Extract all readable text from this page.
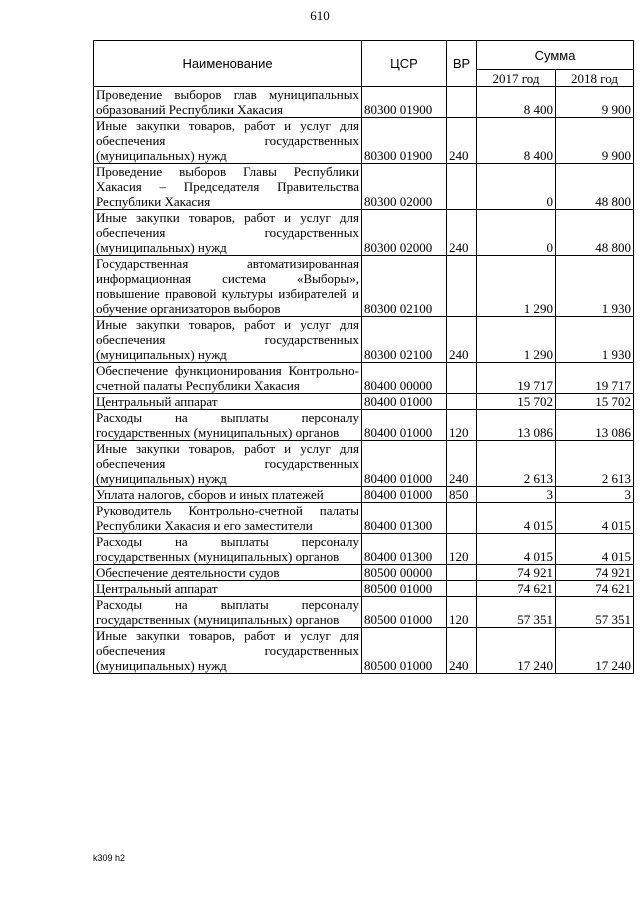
610
Наименование	ЦСР	ВР	Сумма	
			2017 год	2018 год
Проведение выборов глав муниципальных образований Республики Хакасия	80300 01900		8 400	9 900
Иные закупки товаров, работ и услуг для обеспечения государственных (муниципальных) нужд	80300 01900	240	8 400	9 900
Проведение выборов Главы Республики Хакасия – Председателя Правительства Республики Хакасия	80300 02000		0	48 800
Иные закупки товаров, работ и услуг для обеспечения государственных (муниципальных) нужд	80300 02000	240	0	48 800
Государственная автоматизированная информационная система «Выборы», повышение правовой культуры избирателей и обучение организаторов выборов	80300 02100		1 290	1 930
Иные закупки товаров, работ и услуг для обеспечения государственных (муниципальных) нужд	80300 02100	240	1 290	1 930
Обеспечение функционирования Контрольно-счетной палаты Республики Хакасия	80400 00000		19 717	19 717
Центральный аппарат	80400 01000		15 702	15 702
Расходы на выплаты персоналу государственных (муниципальных) органов	80400 01000	120	13 086	13 086
Иные закупки товаров, работ и услуг для обеспечения государственных (муниципальных) нужд	80400 01000	240	2 613	2 613
Уплата налогов, сборов и иных платежей	80400 01000	850	3	3
Руководитель Контрольно-счетной палаты Республики Хакасия и его заместители	80400 01300		4 015	4 015
Расходы на выплаты персоналу государственных (муниципальных) органов	80400 01300	120	4 015	4 015
Обеспечение деятельности судов	80500 00000		74 921	74 921
Центральный аппарат	80500 01000		74 621	74 621
Расходы на выплаты персоналу государственных (муниципальных) органов	80500 01000	120	57 351	57 351
Иные закупки товаров, работ и услуг для обеспечения государственных (муниципальных) нужд	80500 01000	240	17 240	17 240
k309 h2
